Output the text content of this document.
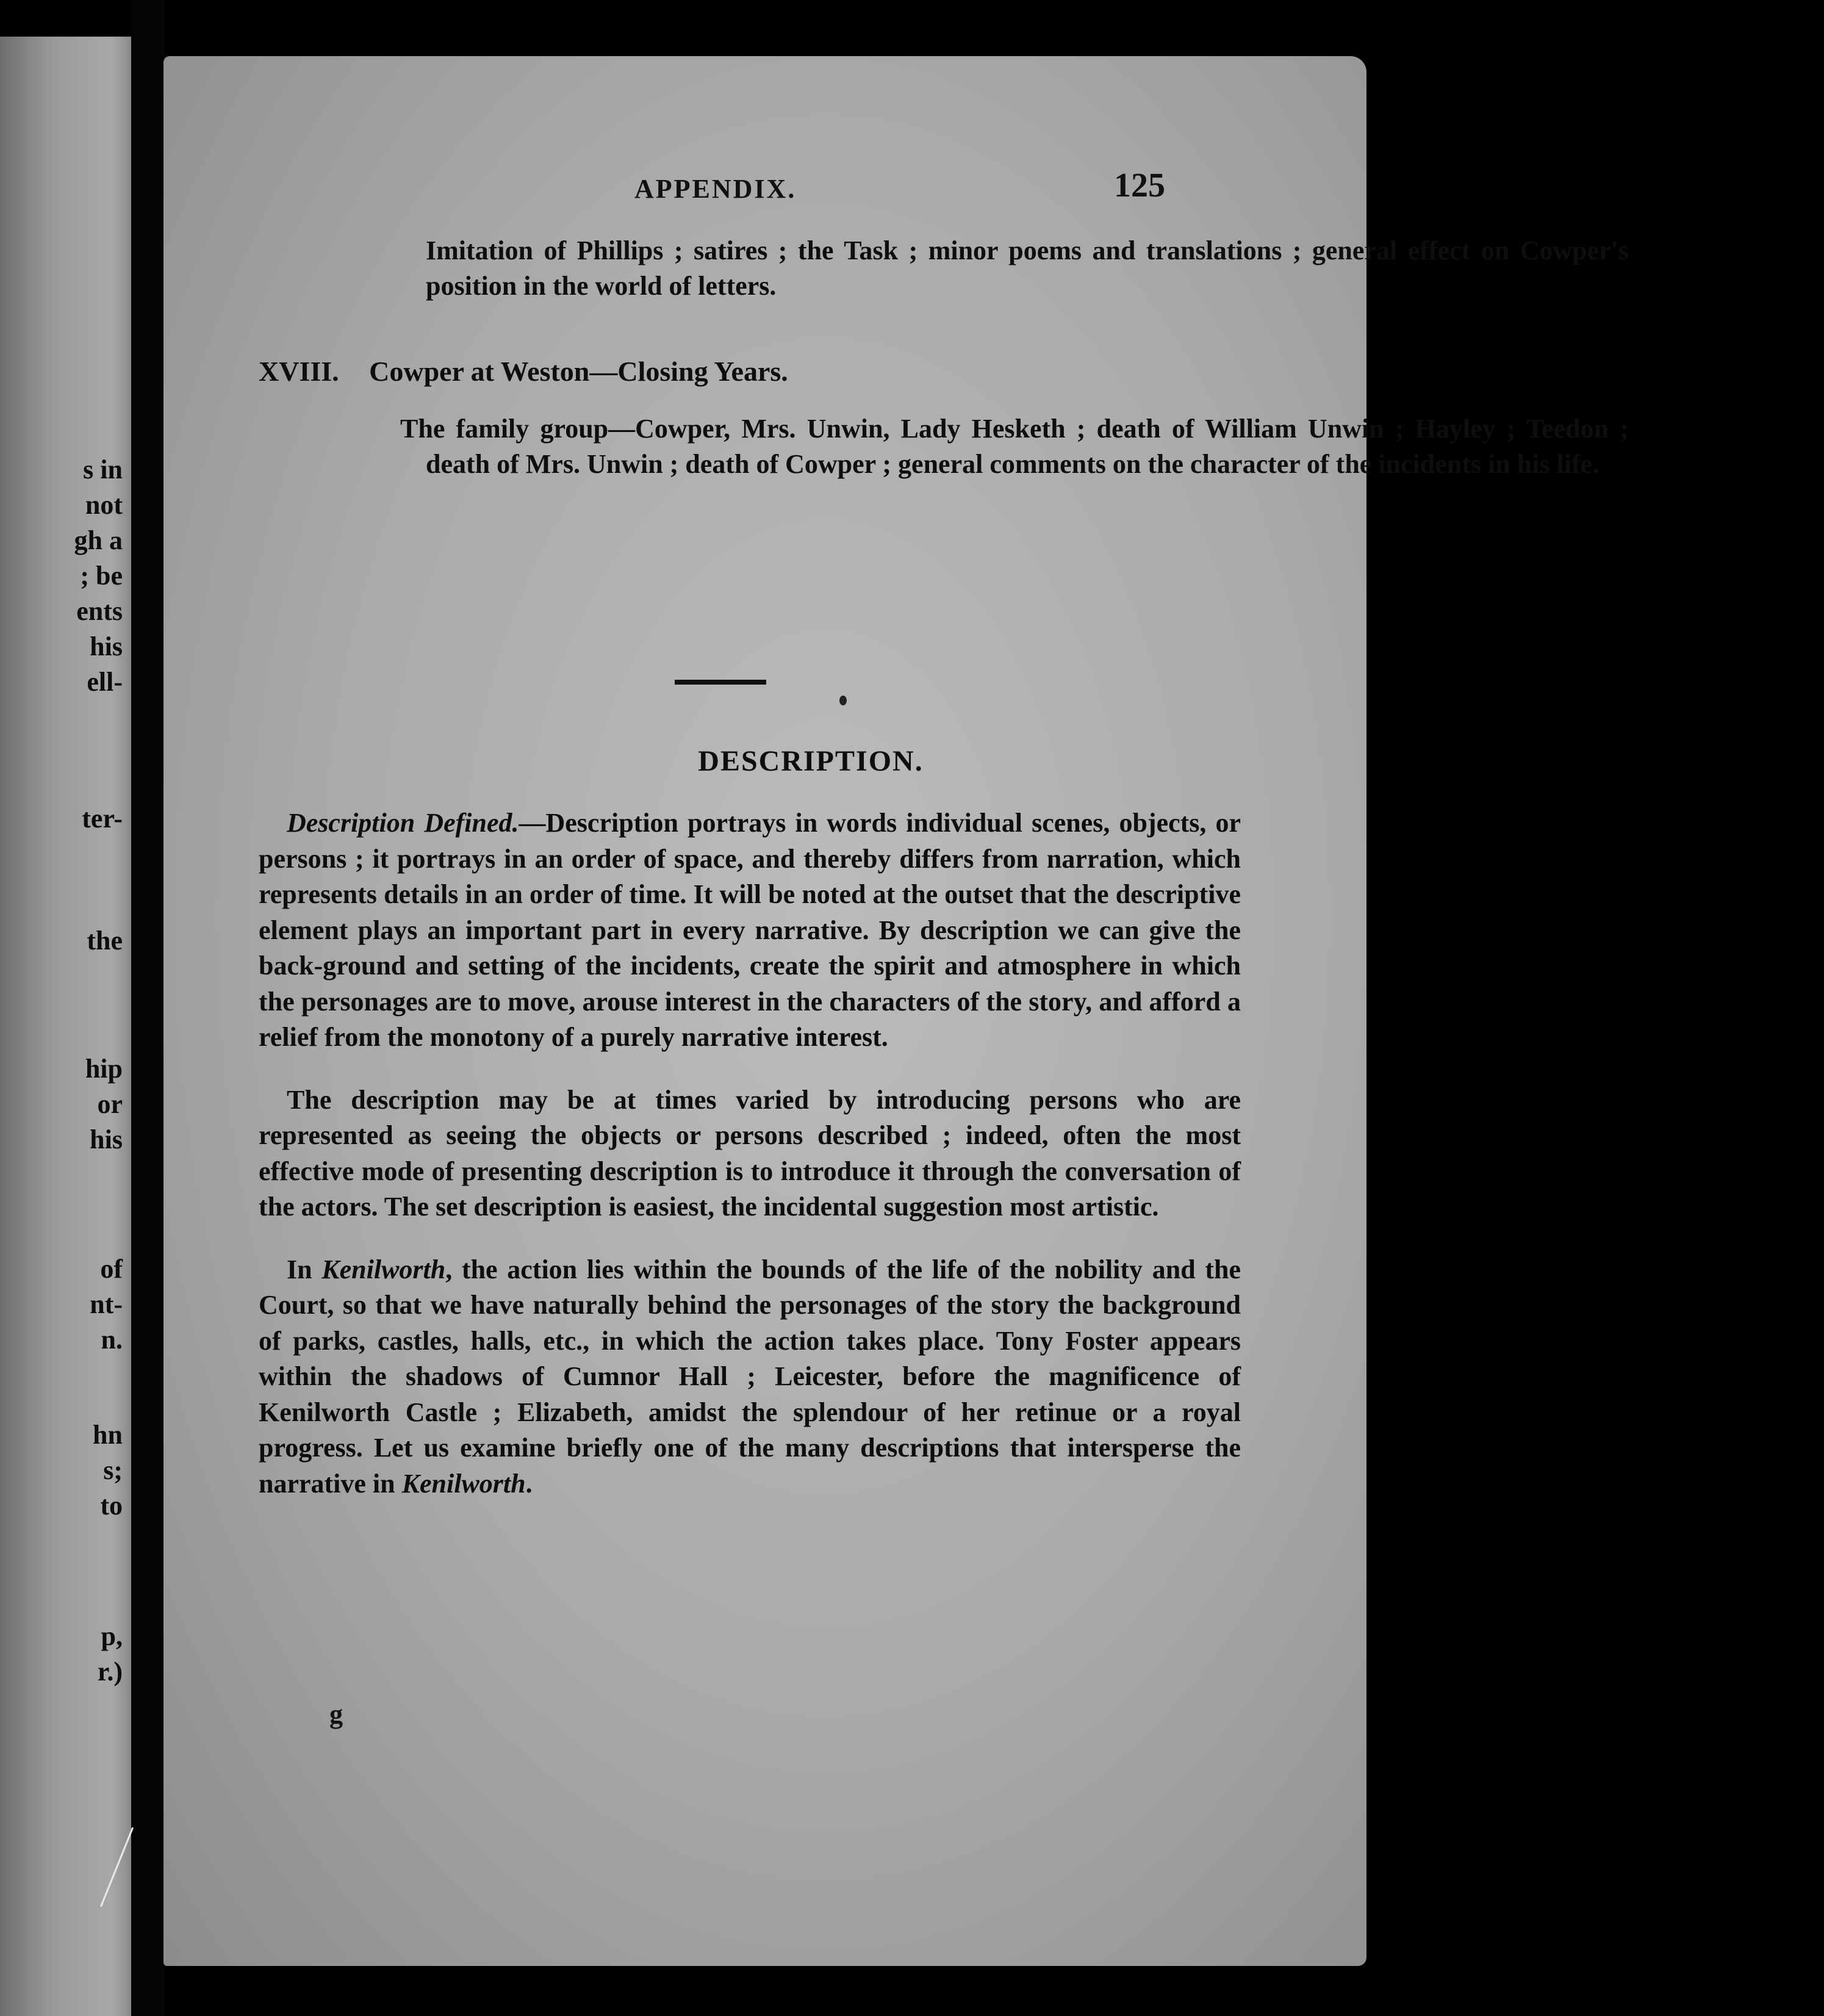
s in
not
gh a
; be
ents
his
ell-
ter-
the
hip
or
his
of
nt-
n.
hn
s;
to
p,
r.)
APPENDIX.	125
Imitation of Phillips ; satires ; the Task ; minor poems and translations ; general effect on Cowper's position in the world of letters.
XVIII. Cowper at Weston—Closing Years.
The family group—Cowper, Mrs. Unwin, Lady Hesketh ; death of William Unwin ; Hayley ; Teedon ; death of Mrs. Unwin ; death of Cowper ; general comments on the character of the incidents in his life.
DESCRIPTION.

Description Defined.—Description portrays in words individual scenes, objects, or persons ; it portrays in an order of space, and thereby differs from narration, which represents details in an order of time. It will be noted at the outset that the descriptive element plays an important part in every narrative. By description we can give the back-ground and setting of the incidents, create the spirit and atmosphere in which the personages are to move, arouse interest in the characters of the story, and afford a relief from the monotony of a purely narrative interest.

The description may be at times varied by introducing persons who are represented as seeing the objects or persons described ; indeed, often the most effective mode of presenting description is to introduce it through the conversation of the actors. The set description is easiest, the incidental suggestion most artistic.

In Kenilworth, the action lies within the bounds of the life of the nobility and the Court, so that we have naturally behind the personages of the story the background of parks, castles, halls, etc., in which the action takes place. Tony Foster appears within the shadows of Cumnor Hall ; Leicester, before the magnificence of Kenilworth Castle ; Elizabeth, amidst the splendour of her retinue or a royal progress. Let us examine briefly one of the many descriptions that intersperse the narrative in Kenilworth.

g
